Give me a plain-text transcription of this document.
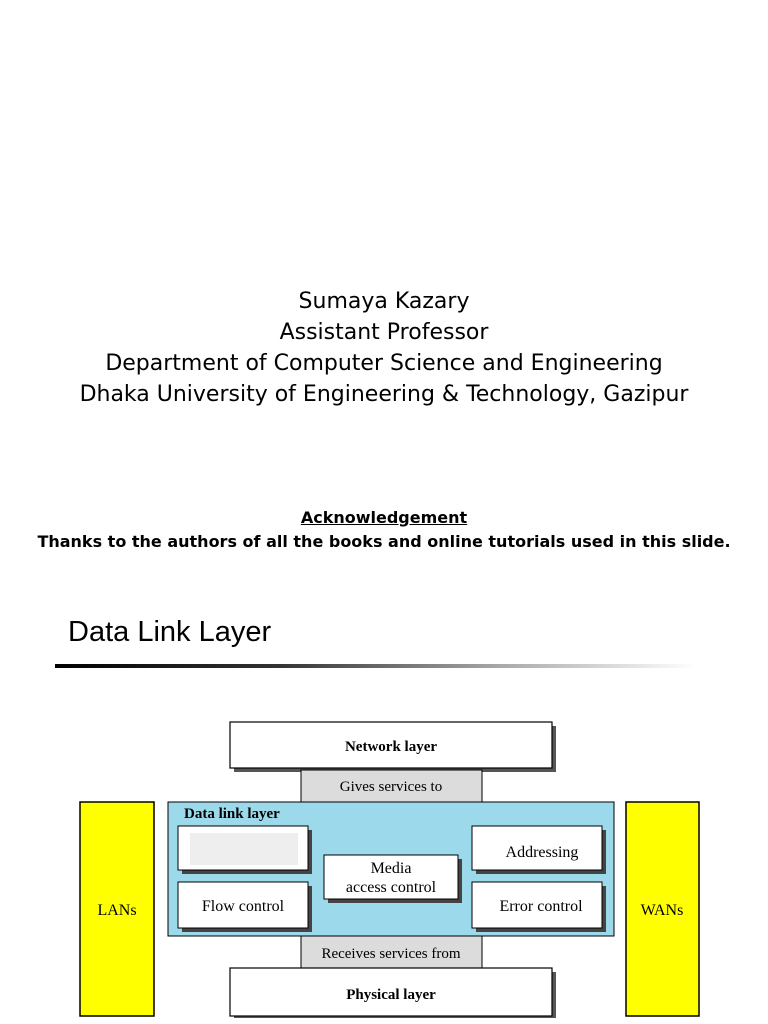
Sumaya Kazary
Assistant Professor
Department of Computer Science and Engineering
Dhaka University of Engineering & Technology, Gazipur
Acknowledgement
Thanks to the authors of all the books and online tutorials used in this slide.
Data Link Layer
Network layer
Gives services to
LANs	WANs
Data link layer
Addressing
Media
access control
Flow control	Error control
Receives services from
Physical layer
